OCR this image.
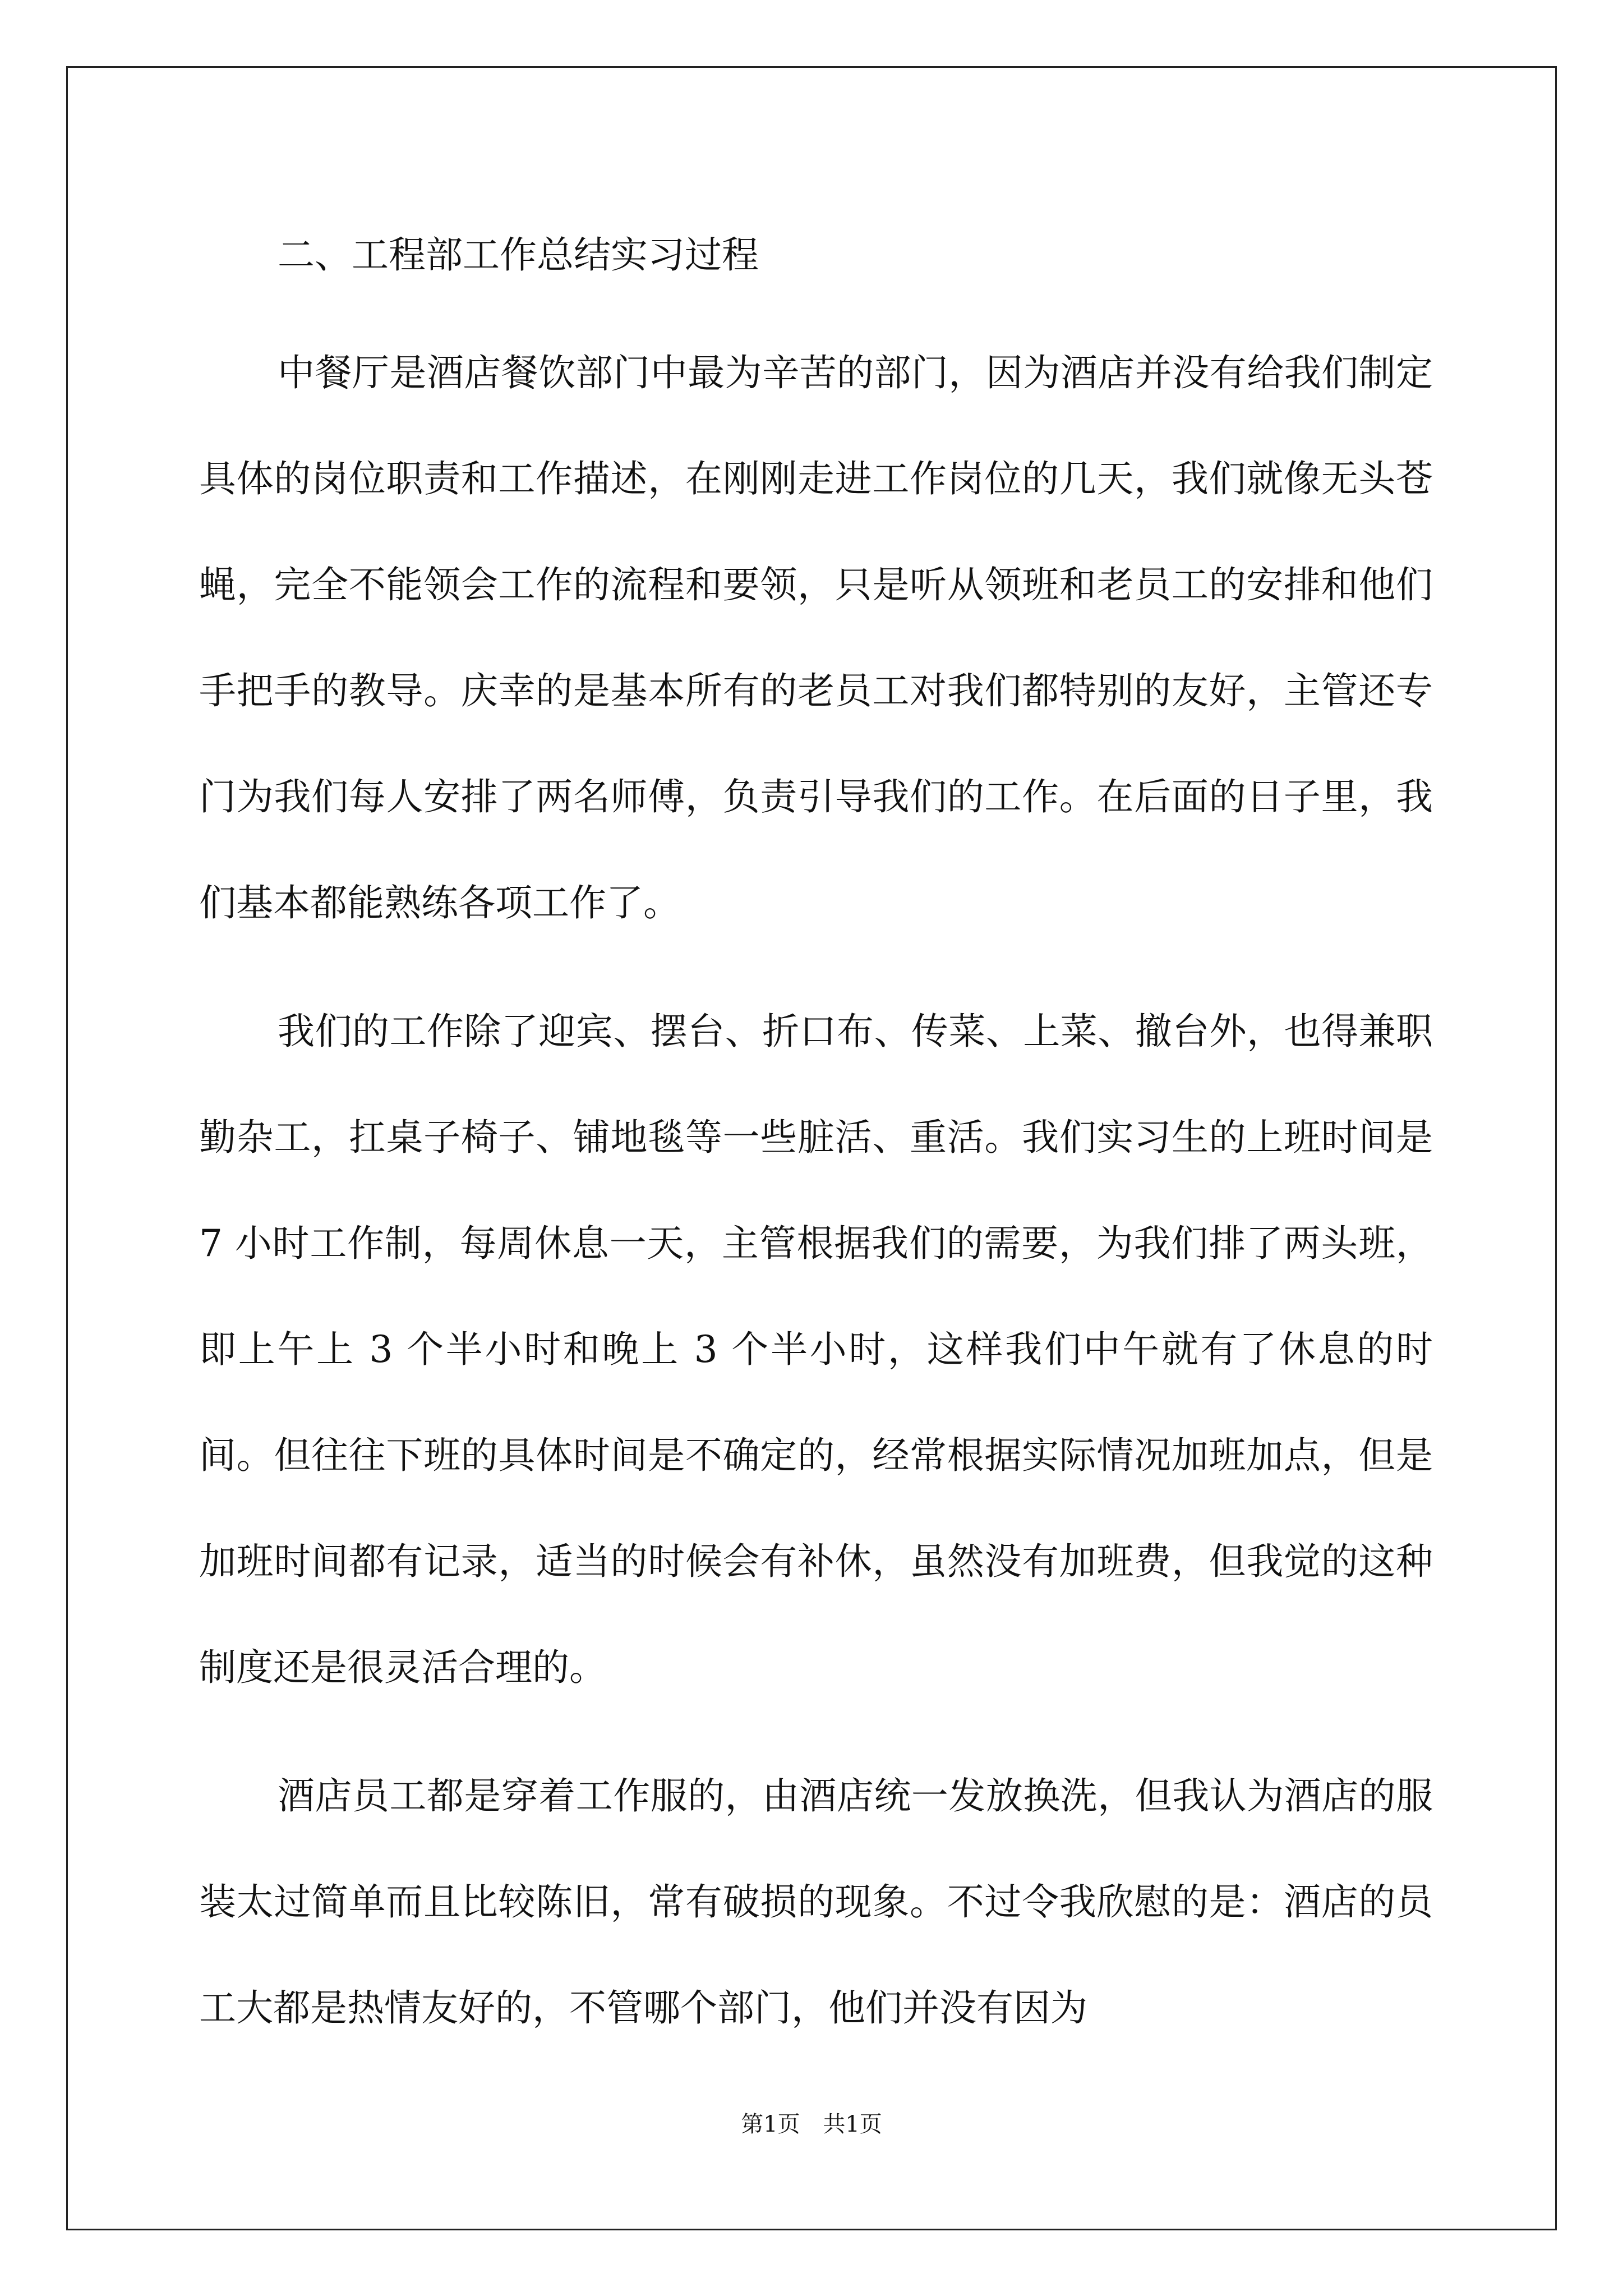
二、工程部工作总结实习过程

中餐厅是酒店餐饮部门中最为辛苦的部门，因为酒店并没有给我们制定具体的岗位职责和工作描述，在刚刚走进工作岗位的几天，我们就像无头苍蝇，完全不能领会工作的流程和要领，只是听从领班和老员工的安排和他们手把手的教导。庆幸的是基本所有的老员工对我们都特别的友好，主管还专门为我们每人安排了两名师傅，负责引导我们的工作。在后面的日子里，我们基本都能熟练各项工作了。

我们的工作除了迎宾、摆台、折口布、传菜、上菜、撤台外，也得兼职勤杂工，扛桌子椅子、铺地毯等一些脏活、重活。我们实习生的上班时间是 7 小时工作制，每周休息一天，主管根据我们的需要，为我们排了两头班，即上午上 3 个半小时和晚上 3 个半小时，这样我们中午就有了休息的时间。但往往下班的具体时间是不确定的，经常根据实际情况加班加点，但是加班时间都有记录，适当的时候会有补休，虽然没有加班费，但我觉的这种制度还是很灵活合理的。

酒店员工都是穿着工作服的，由酒店统一发放换洗，但我认为酒店的服装太过简单而且比较陈旧，常有破损的现象。不过令我欣慰的是：酒店的员工大都是热情友好的，不管哪个部门，他们并没有因为

第1页 共1页
